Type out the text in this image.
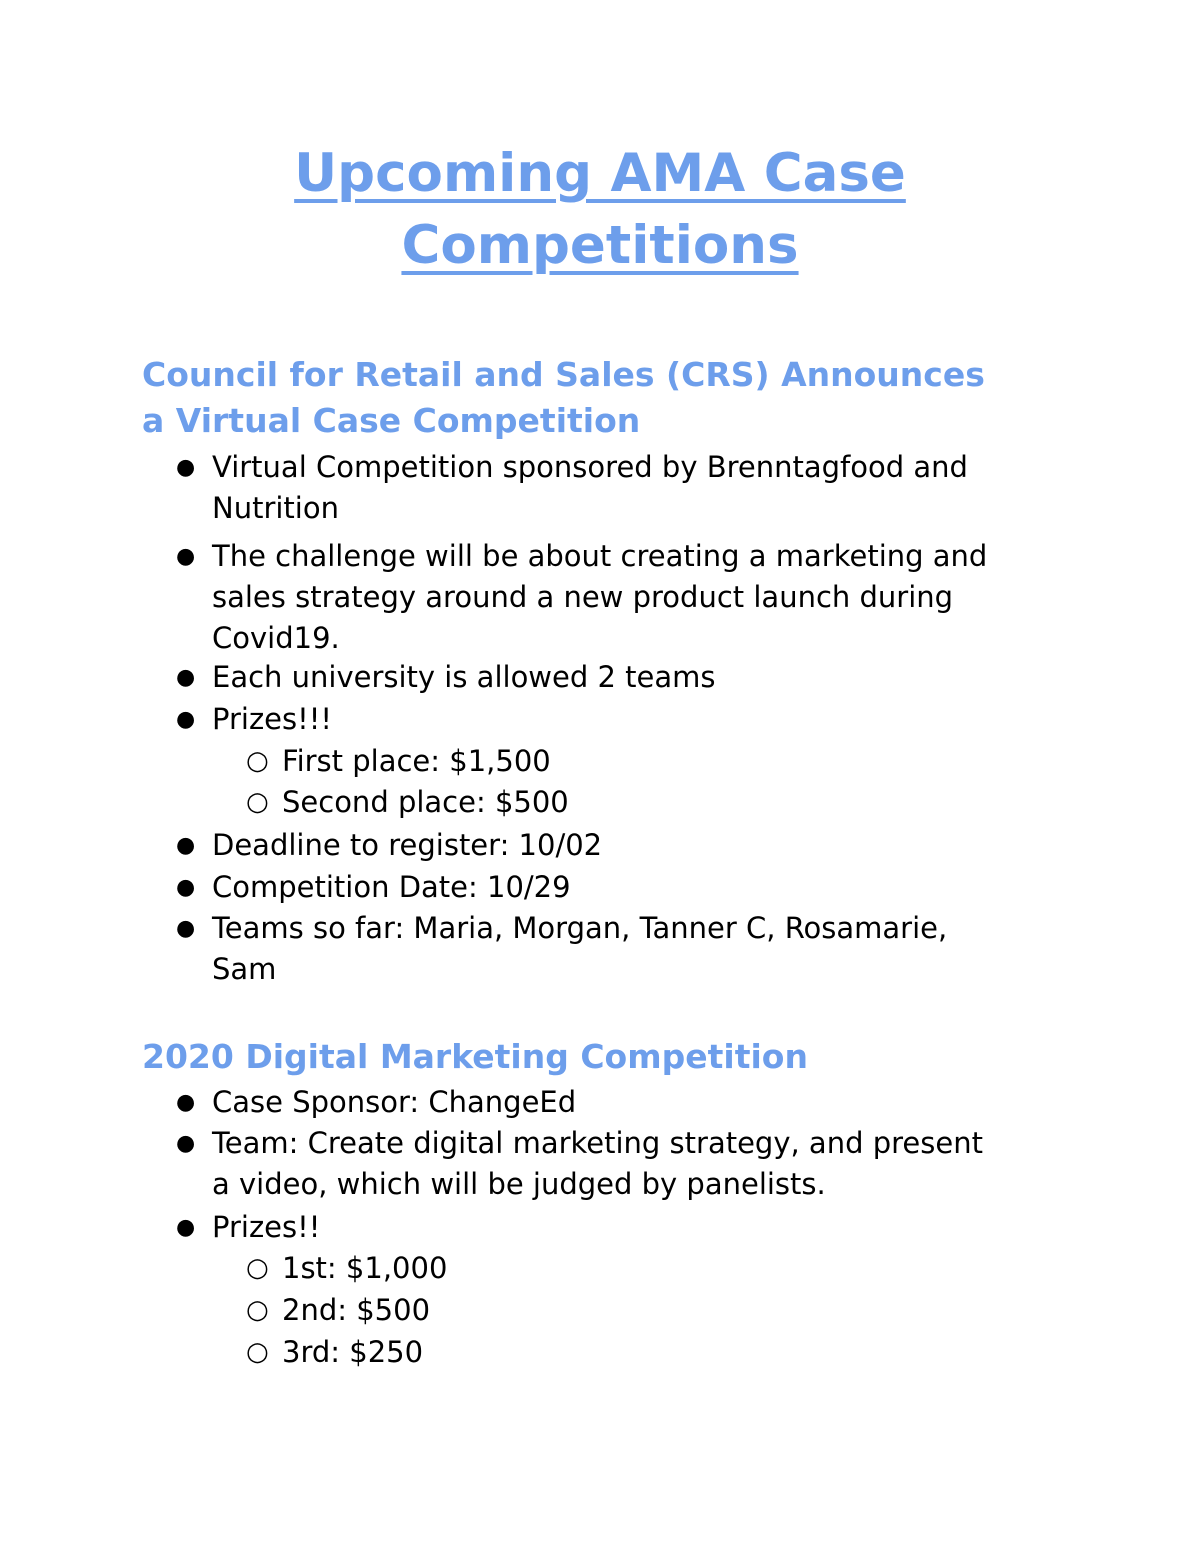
Upcoming AMA Case
Competitions
Council for Retail and Sales (CRS) Announces
a Virtual Case Competition
● Virtual Competition sponsored by Brenntagfood and
Nutrition
● The challenge will be about creating a marketing and
sales strategy around a new product launch during
Covid19.
● Each university is allowed 2 teams
● Prizes!!!
○ First place: $1,500
○ Second place: $500
● Deadline to register: 10/02
● Competition Date: 10/29
● Teams so far: Maria, Morgan, Tanner C, Rosamarie,
Sam
2020 Digital Marketing Competition
● Case Sponsor: ChangeEd
● Team: Create digital marketing strategy, and present
a video, which will be judged by panelists.
● Prizes!!
○ 1st: $1,000
○ 2nd: $500
○ 3rd: $250
